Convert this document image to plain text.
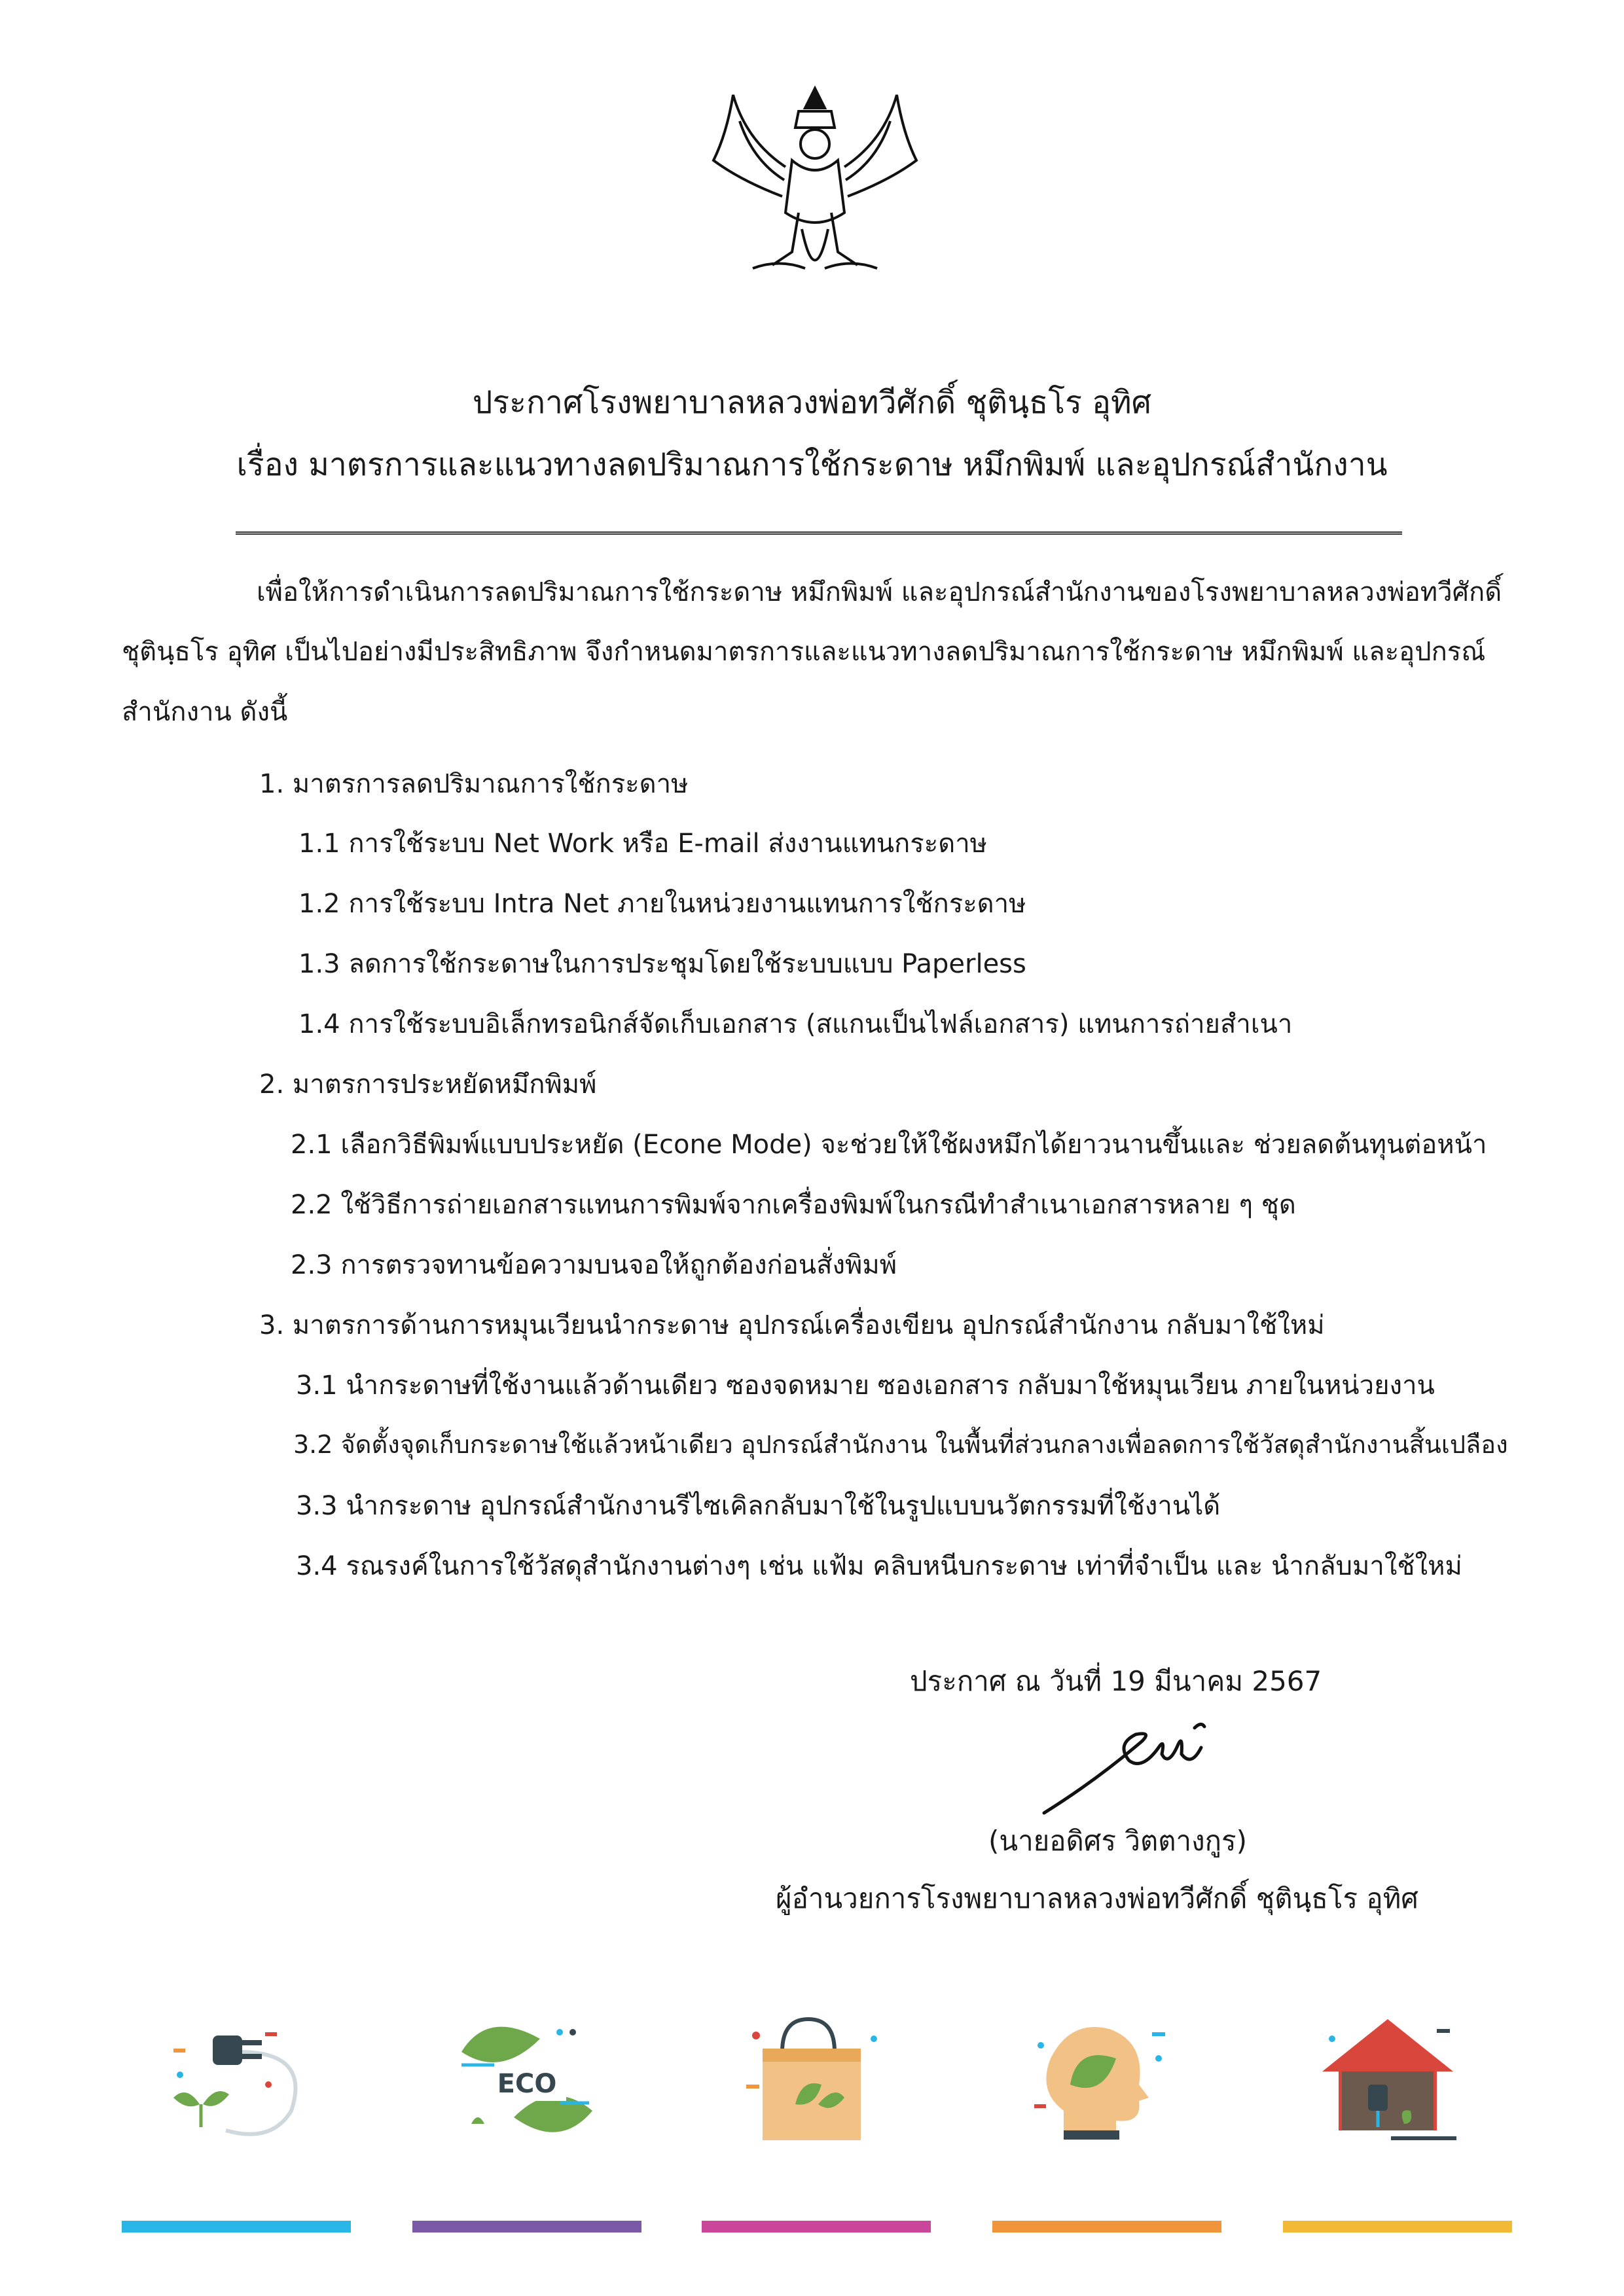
ประกาศโรงพยาบาลหลวงพ่อทวีศักดิ์ ชุตินฺธโร อุทิศ
เรื่อง มาตรการและแนวทางลดปริมาณการใช้กระดาษ หมึกพิมพ์ และอุปกรณ์สำนักงาน
เพื่อให้การดำเนินการลดปริมาณการใช้กระดาษ หมึกพิมพ์ และอุปกรณ์สำนักงานของโรงพยาบาลหลวงพ่อทวีศักดิ์
ชุตินฺธโร อุทิศ เป็นไปอย่างมีประสิทธิภาพ จึงกำหนดมาตรการและแนวทางลดปริมาณการใช้กระดาษ หมึกพิมพ์ และอุปกรณ์
สำนักงาน ดังนี้
1. มาตรการลดปริมาณการใช้กระดาษ
1.1 การใช้ระบบ Net Work หรือ E-mail ส่งงานแทนกระดาษ
1.2 การใช้ระบบ Intra Net ภายในหน่วยงานแทนการใช้กระดาษ
1.3 ลดการใช้กระดาษในการประชุมโดยใช้ระบบแบบ Paperless
1.4 การใช้ระบบอิเล็กทรอนิกส์จัดเก็บเอกสาร (สแกนเป็นไฟล์เอกสาร) แทนการถ่ายสำเนา
2. มาตรการประหยัดหมึกพิมพ์
2.1 เลือกวิธีพิมพ์แบบประหยัด (Econe Mode) จะช่วยให้ใช้ผงหมึกได้ยาวนานขึ้นและ ช่วยลดต้นทุนต่อหน้า
2.2 ใช้วิธีการถ่ายเอกสารแทนการพิมพ์จากเครื่องพิมพ์ในกรณีทำสำเนาเอกสารหลาย ๆ ชุด
2.3 การตรวจทานข้อความบนจอให้ถูกต้องก่อนสั่งพิมพ์
3. มาตรการด้านการหมุนเวียนนำกระดาษ อุปกรณ์เครื่องเขียน อุปกรณ์สำนักงาน กลับมาใช้ใหม่
3.1 นำกระดาษที่ใช้งานแล้วด้านเดียว ซองจดหมาย ซองเอกสาร กลับมาใช้หมุนเวียน ภายในหน่วยงาน
3.2 จัดตั้งจุดเก็บกระดาษใช้แล้วหน้าเดียว อุปกรณ์สำนักงาน ในพื้นที่ส่วนกลางเพื่อลดการใช้วัสดุสำนักงานสิ้นเปลือง
3.3 นำกระดาษ อุปกรณ์สำนักงานรีไซเคิลกลับมาใช้ในรูปแบบนวัตกรรมที่ใช้งานได้
3.4 รณรงค์ในการใช้วัสดุสำนักงานต่างๆ เช่น แฟ้ม คลิบหนีบกระดาษ เท่าที่จำเป็น และ นำกลับมาใช้ใหม่
ประกาศ ณ วันที่ 19 มีนาคม 2567
(นายอดิศร วิตตางกูร)
ผู้อำนวยการโรงพยาบาลหลวงพ่อทวีศักดิ์ ชุตินฺธโร อุทิศ
ECO
